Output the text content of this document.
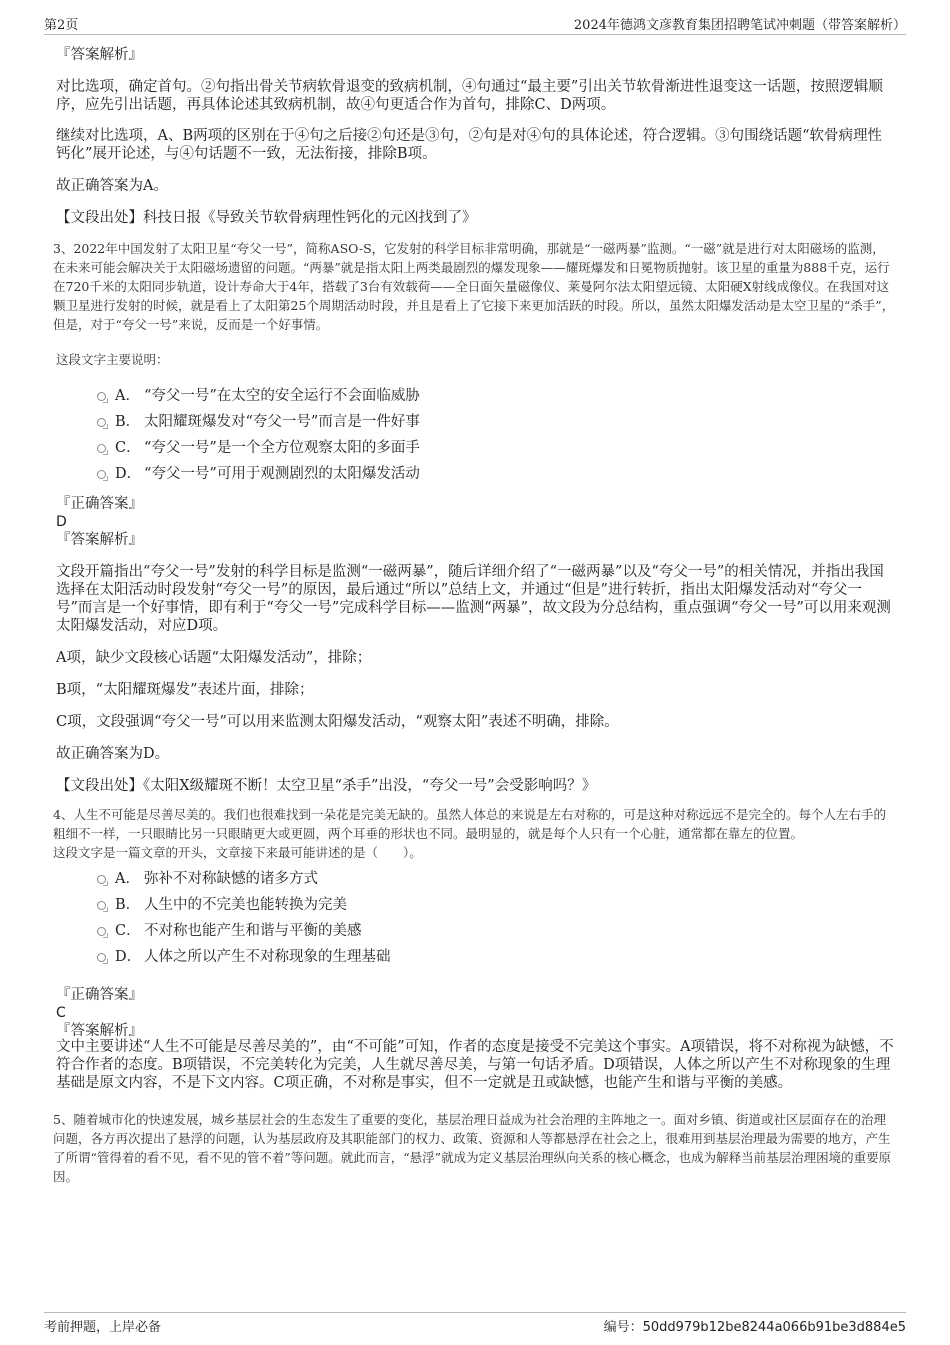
第2页	2024年德鸿文彦教育集团招聘笔试冲刺题（带答案解析）

『答案解析』

对比选项，确定首句。②句指出骨关节病软骨退变的致病机制，④句通过“最主要”引出关节软骨渐进性退变这一话题，按照逻辑顺序，应先引出话题，再具体论述其致病机制，故④句更适合作为首句，排除C、D两项。

继续对比选项，A、B两项的区别在于④句之后接②句还是③句，②句是对④句的具体论述，符合逻辑。③句围绕话题“软骨病理性钙化”展开论述，与④句话题不一致，无法衔接，排除B项。

故正确答案为A。

【文段出处】科技日报《导致关节软骨病理性钙化的元凶找到了》

3、2022年中国发射了太阳卫星“夸父一号”，简称ASO-S，它发射的科学目标非常明确，那就是“一磁两暴”监测。“一磁”就是进行对太阳磁场的监测，在未来可能会解决关于太阳磁场遗留的问题。“两暴”就是指太阳上两类最剧烈的爆发现象——耀斑爆发和日冕物质抛射。该卫星的重量为888千克，运行在720千米的太阳同步轨道，设计寿命大于4年，搭载了3台有效载荷——全日面矢量磁像仪、莱曼阿尔法太阳望远镜、太阳硬X射线成像仪。在我国对这颗卫星进行发射的时候，就是看上了太阳第25个周期活动时段，并且是看上了它接下来更加活跃的时段。所以，虽然太阳爆发活动是太空卫星的“杀手”，但是，对于“夸父一号”来说，反而是一个好事情。

这段文字主要说明：

A． “夸父一号”在太空的安全运行不会面临威胁
B． 太阳耀斑爆发对“夸父一号”而言是一件好事
C． “夸父一号”是一个全方位观察太阳的多面手
D． “夸父一号”可用于观测剧烈的太阳爆发活动

『正确答案』

D

『答案解析』

文段开篇指出“夸父一号”发射的科学目标是监测“一磁两暴”，随后详细介绍了“一磁两暴”以及“夸父一号”的相关情况，并指出我国选择在太阳活动时段发射“夸父一号”的原因，最后通过“所以”总结上文，并通过“但是”进行转折，指出太阳爆发活动对“夸父一号”而言是一个好事情，即有利于“夸父一号”完成科学目标——监测“两暴”，故文段为分总结构，重点强调“夸父一号”可以用来观测太阳爆发活动，对应D项。

A项，缺少文段核心话题“太阳爆发活动”，排除；

B项，“太阳耀斑爆发”表述片面，排除；

C项，文段强调“夸父一号”可以用来监测太阳爆发活动，“观察太阳”表述不明确，排除。

故正确答案为D。

【文段出处】《太阳X级耀斑不断！太空卫星“杀手”出没，“夸父一号”会受影响吗？》

4、人生不可能是尽善尽美的。我们也很难找到一朵花是完美无缺的。虽然人体总的来说是左右对称的，可是这种对称远远不是完全的。每个人左右手的粗细不一样，一只眼睛比另一只眼睛更大或更圆，两个耳垂的形状也不同。最明显的，就是每个人只有一个心脏，通常都在靠左的位置。

这段文字是一篇文章的开头，文章接下来最可能讲述的是（　　）。

A． 弥补不对称缺憾的诸多方式
B． 人生中的不完美也能转换为完美
C． 不对称也能产生和谐与平衡的美感
D． 人体之所以产生不对称现象的生理基础

『正确答案』

C

『答案解析』

文中主要讲述“人生不可能是尽善尽美的”，由“不可能”可知，作者的态度是接受不完美这个事实。A项错误，将不对称视为缺憾，不符合作者的态度。B项错误，不完美转化为完美，人生就尽善尽美，与第一句话矛盾。D项错误，人体之所以产生不对称现象的生理基础是原文内容，不是下文内容。C项正确，不对称是事实，但不一定就是丑或缺憾，也能产生和谐与平衡的美感。

5、随着城市化的快速发展，城乡基层社会的生态发生了重要的变化，基层治理日益成为社会治理的主阵地之一。面对乡镇、街道或社区层面存在的治理问题，各方再次提出了悬浮的问题，认为基层政府及其职能部门的权力、政策、资源和人等都悬浮在社会之上，很难用到基层治理最为需要的地方，产生了所谓“管得着的看不见，看不见的管不着”等问题。就此而言，“悬浮”就成为定义基层治理纵向关系的核心概念，也成为解释当前基层治理困境的重要原因。

考前押题，上岸必备	编号：50dd979b12be8244a066b91be3d884e5
